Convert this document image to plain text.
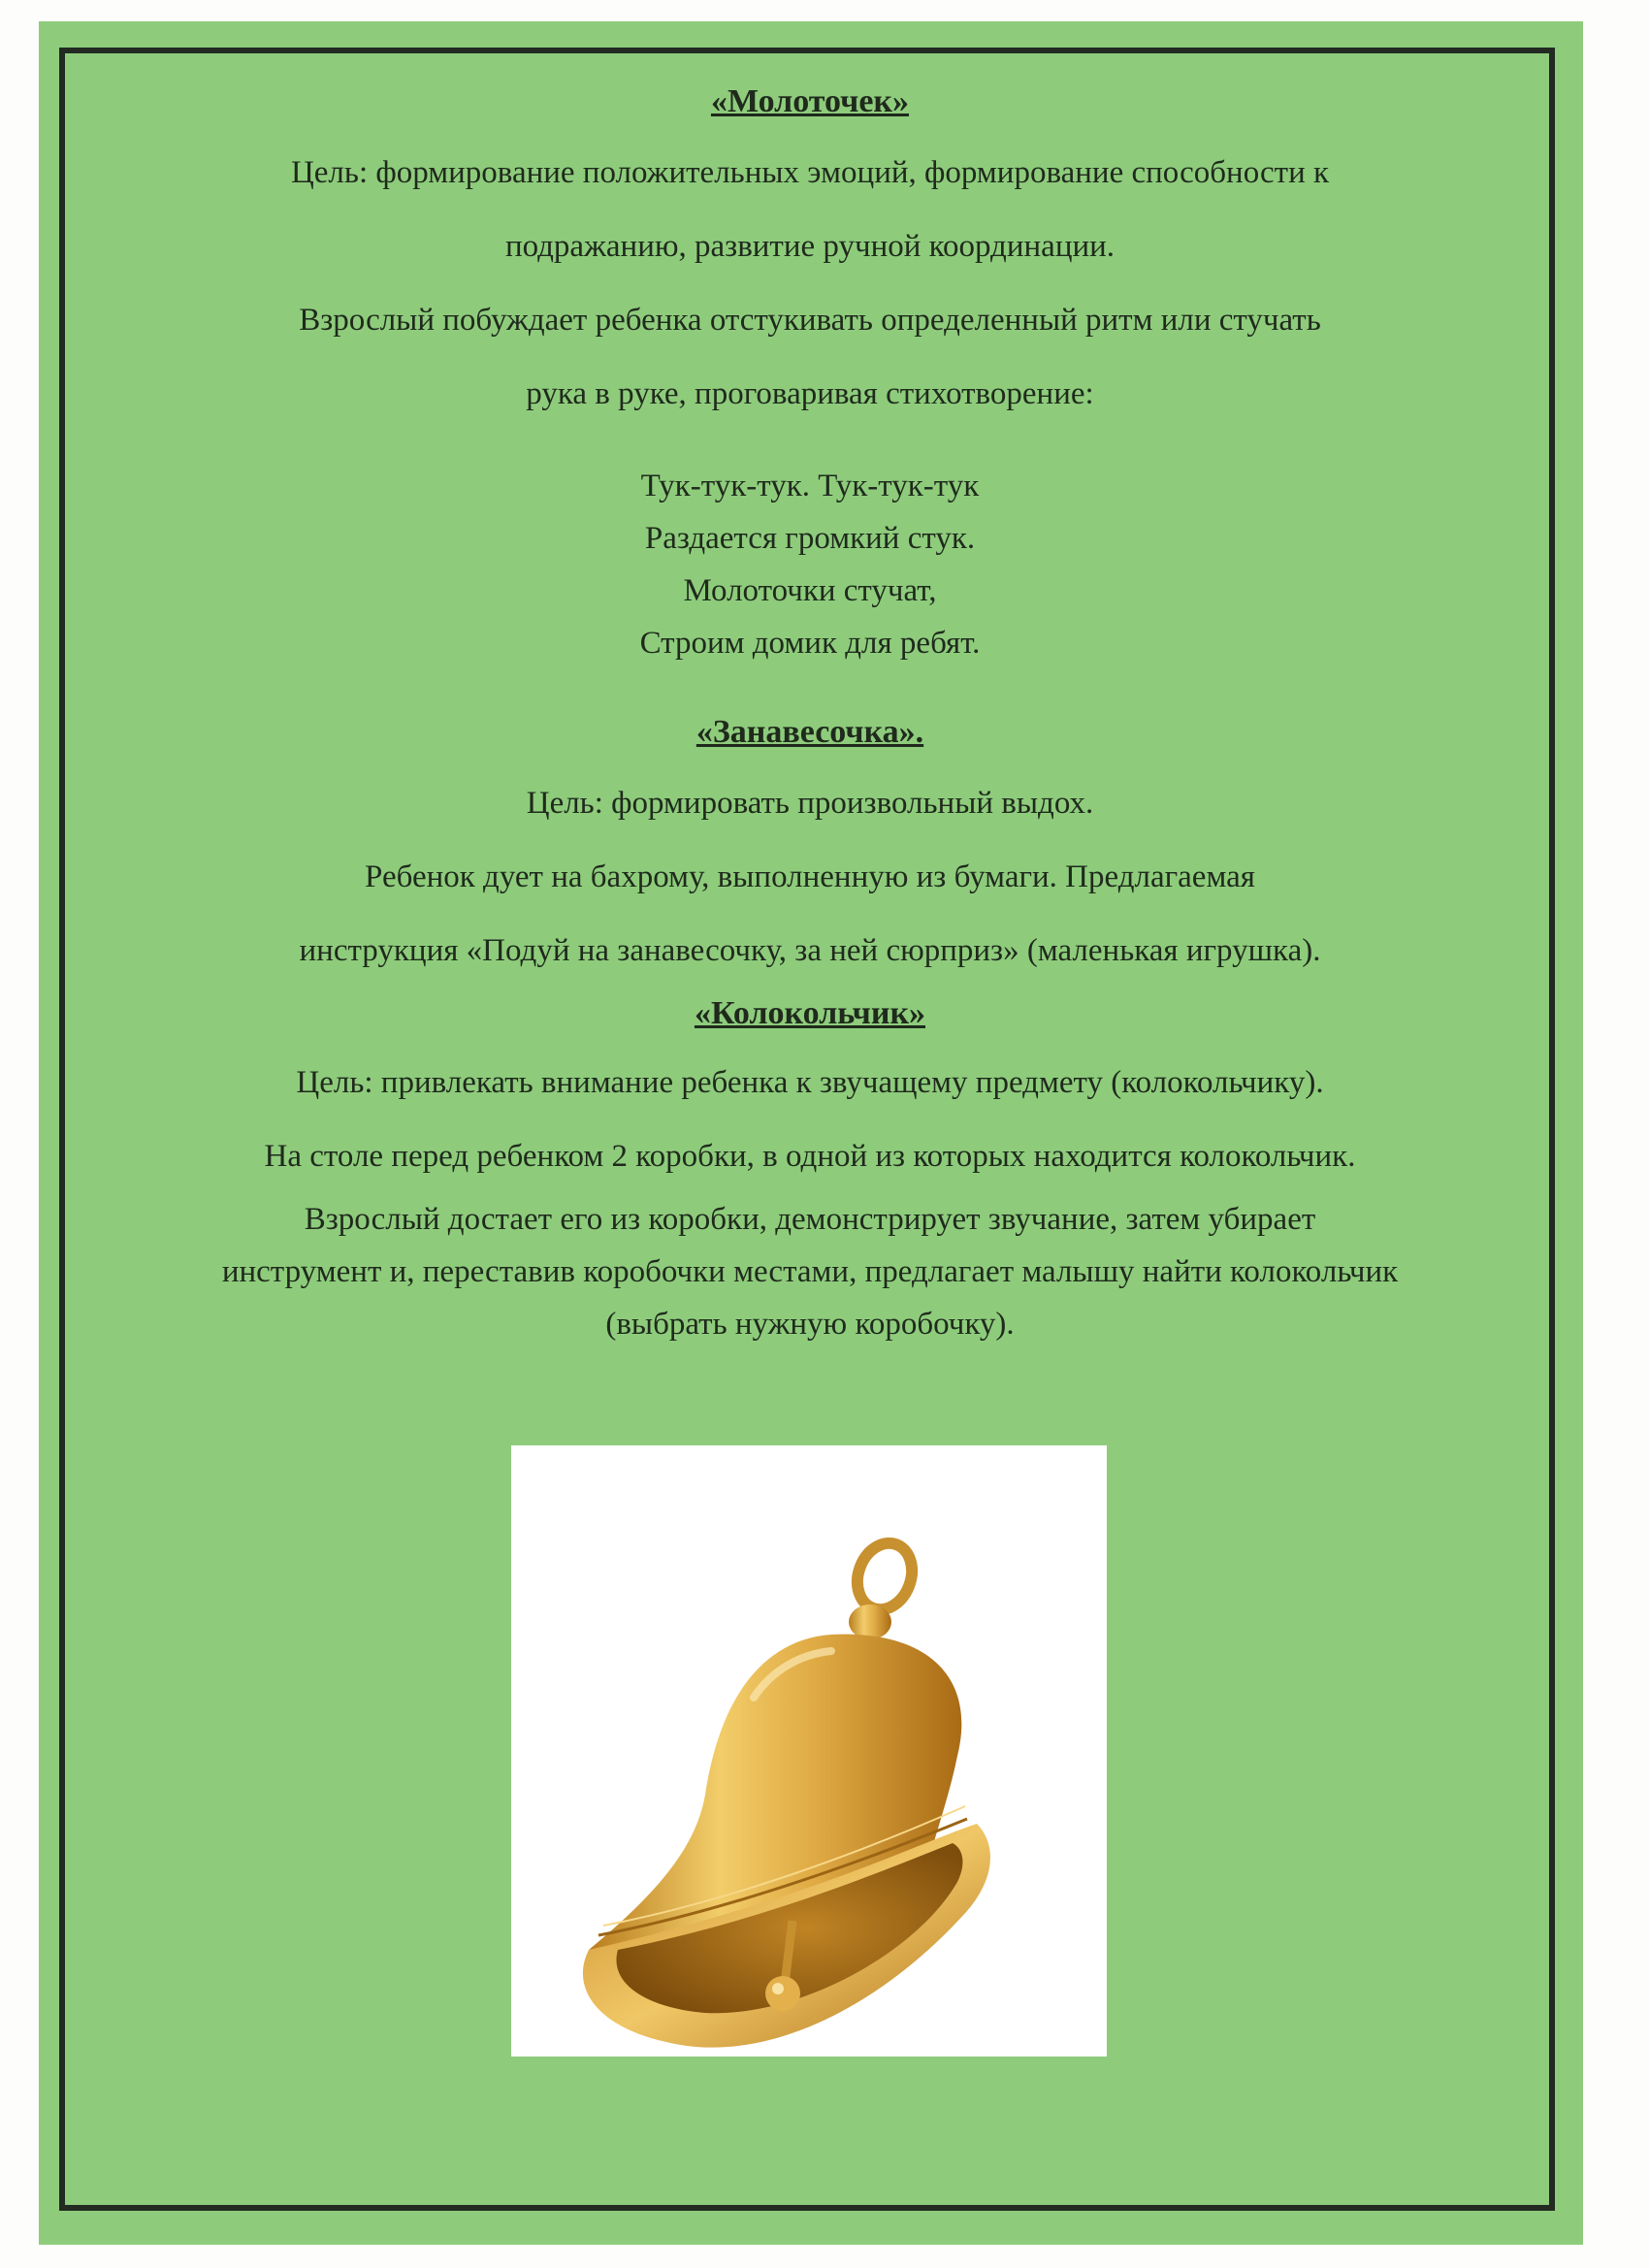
«Молоточек»

Цель: формирование положительных эмоций, формирование способности к

подражанию, развитие ручной координации.

Взрослый побуждает ребенка отстукивать определенный ритм или стучать

рука в руке, проговаривая стихотворение:

Тук-тук-тук. Тук-тук-тук

Раздается громкий стук.

Молоточки стучат,

Строим домик для ребят.

«Занавесочка».

Цель: формировать произвольный выдох.

Ребенок дует на бахрому, выполненную из бумаги. Предлагаемая

инструкция «Подуй на занавесочку, за ней сюрприз» (маленькая игрушка).

«Колокольчик»

Цель: привлекать внимание ребенка к звучащему предмету (колокольчику).

На столе перед ребенком 2 коробки, в одной из которых находится колокольчик.

Взрослый достает его из коробки, демонстрирует звучание, затем убирает

инструмент и, переставив коробочки местами, предлагает малышу найти колокольчик

(выбрать нужную коробочку).
